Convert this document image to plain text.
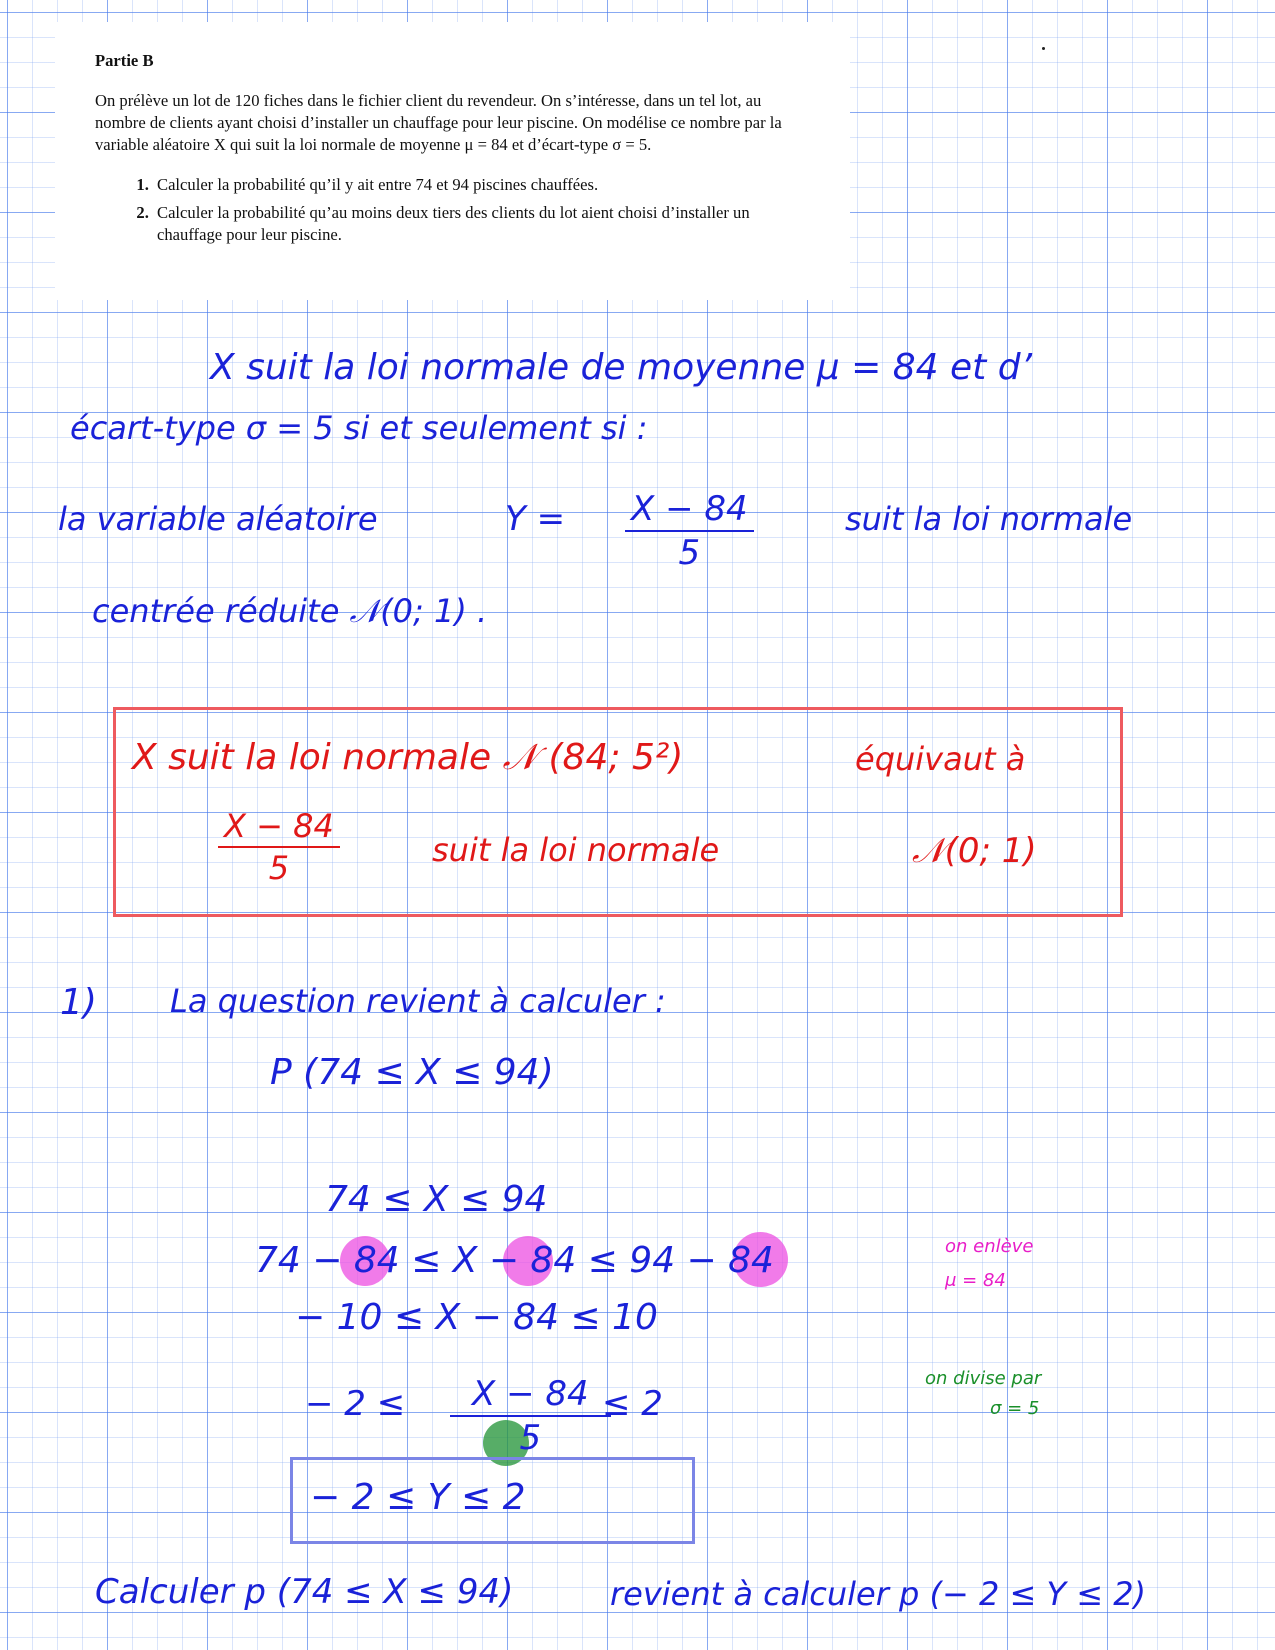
Partie B

On prélève un lot de 120 fiches dans le fichier client du revendeur. On s’intéresse, dans un tel lot, au nombre de clients ayant choisi d’installer un chauffage pour leur piscine. On modélise ce nombre par la variable aléatoire X qui suit la loi normale de moyenne μ = 84 et d’écart-type σ = 5.

1. Calculer la probabilité qu’il y ait entre 74 et 94 piscines chauffées.
2. Calculer la probabilité qu’au moins deux tiers des clients du lot aient choisi d’installer un chauffage pour leur piscine.
X suit la loi normale de moyenne μ = 84 et d’
écart-type σ = 5 si et seulement si :
la variable aléatoire	$Y = \frac{X - 84}{5}$	suit la loi normale
centrée réduite 𝒩(0; 1) .
X suit la loi normale 𝒩 (84; 5²)	équivaut à
$\frac{X - 84}{5}$	suit la loi normale	𝒩(0; 1)
1) La question revient à calculer :
P (74 ≤ X ≤ 94)
74 ≤ X ≤ 94
74 − 84 ≤ X − 84 ≤ 94 − 84
− 10 ≤ X − 84 ≤ 10
− $2 \le \frac{X - 84}{5}$
≤ 2
− 2 ≤ Y ≤ 2
on enlève
μ = 84
on divise par
σ = 5
Calculer p (74 ≤ X ≤ 94)	revient à calculer p (− 2 ≤ Y ≤ 2)
